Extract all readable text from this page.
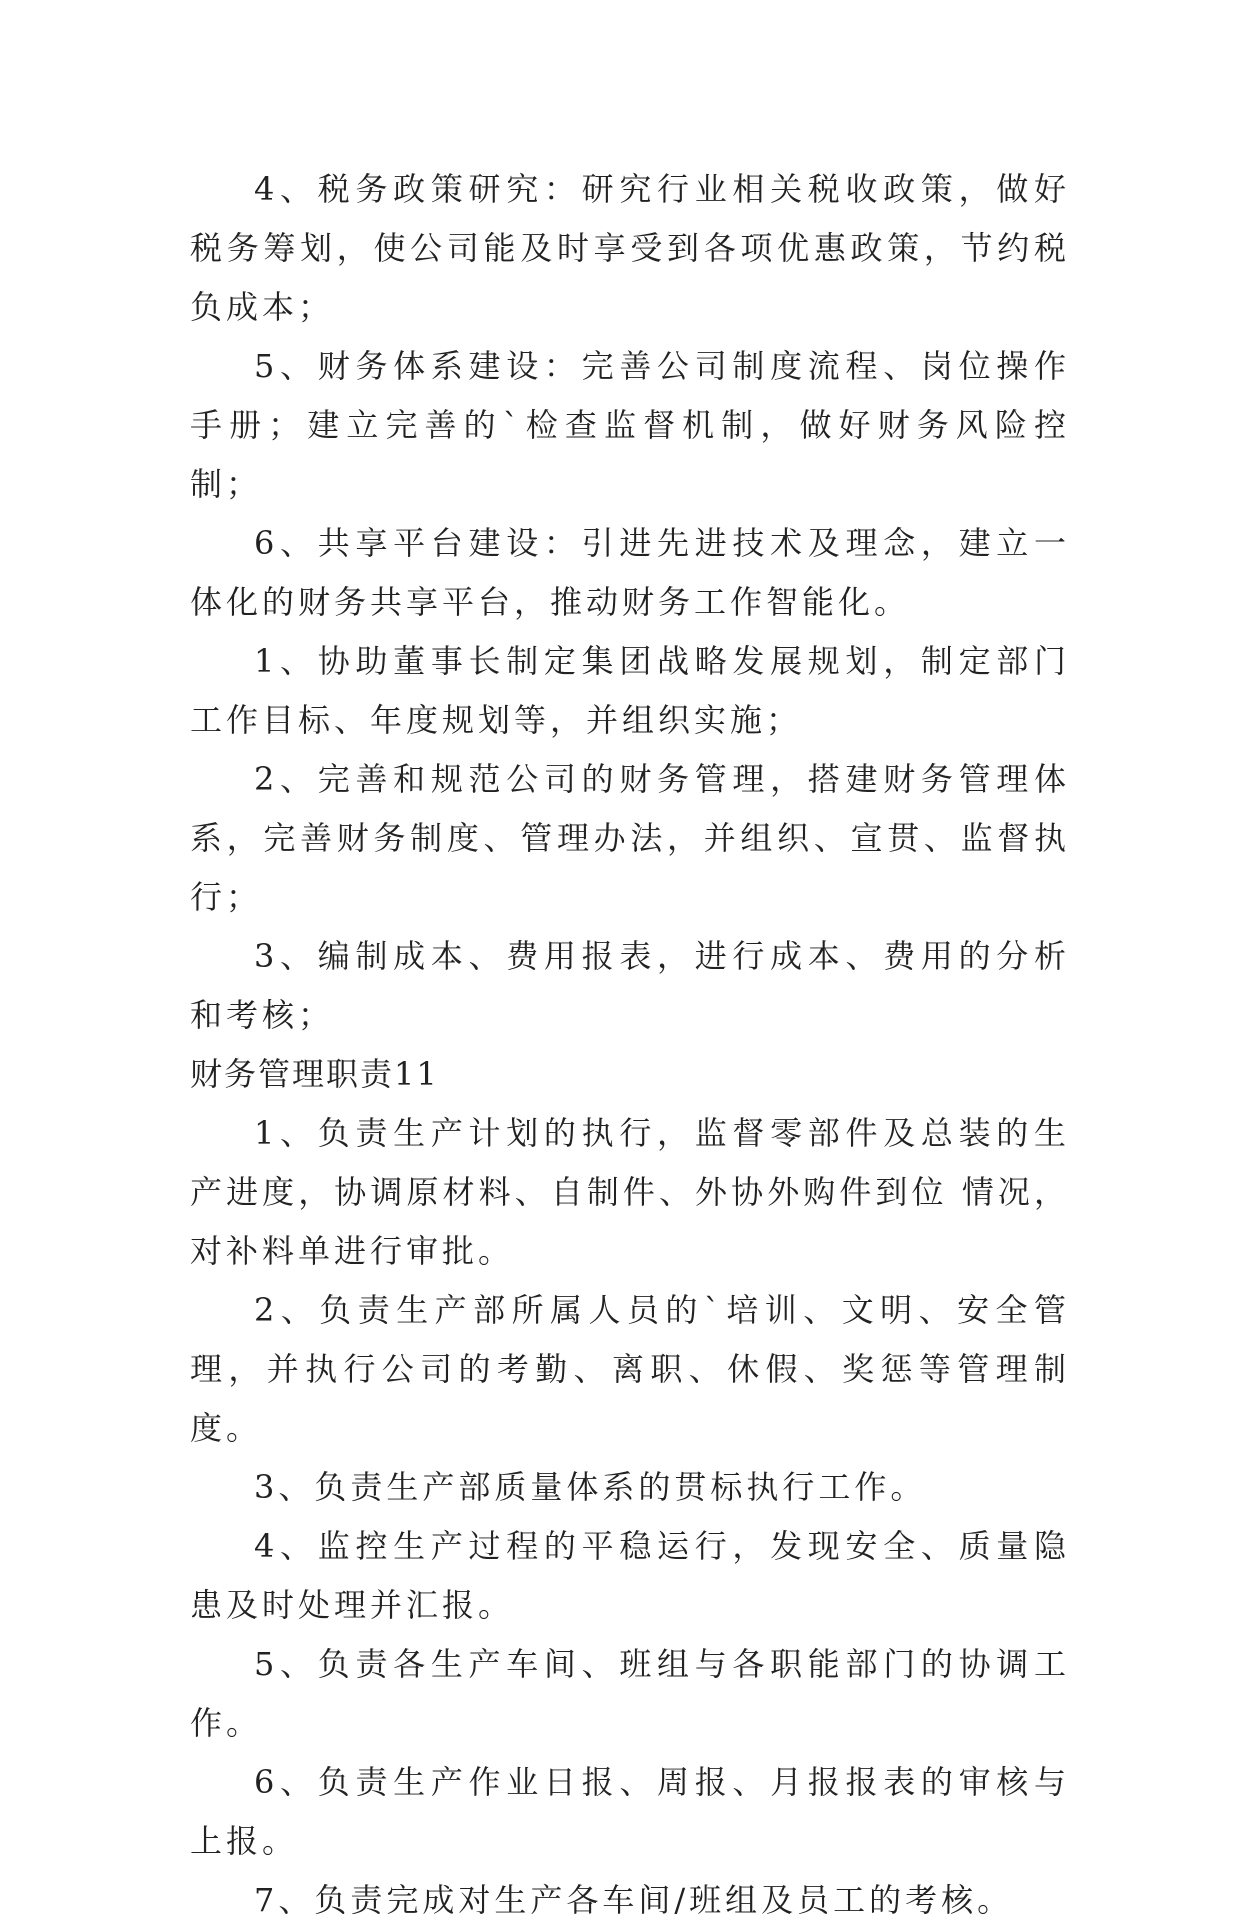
4、税务政策研究：研究行业相关税收政策，做好税务筹划，使公司能及时享受到各项优惠政策，节约税负成本；

5、财务体系建设：完善公司制度流程、岗位操作手册；建立完善的`检查监督机制，做好财务风险控制；

6、共享平台建设：引进先进技术及理念，建立一体化的财务共享平台，推动财务工作智能化。

1、协助董事长制定集团战略发展规划，制定部门工作目标、年度规划等，并组织实施；

2、完善和规范公司的财务管理，搭建财务管理体系，完善财务制度、管理办法，并组织、宣贯、监督执行；

3、编制成本、费用报表，进行成本、费用的分析和考核；

财务管理职责11

1、负责生产计划的执行，监督零部件及总装的生产进度，协调原材料、自制件、外协外购件到位 情况，对补料单进行审批。

2、负责生产部所属人员的`培训、文明、安全管理，并执行公司的考勤、离职、休假、奖惩等管理制度。

3、负责生产部质量体系的贯标执行工作。

4、监控生产过程的平稳运行，发现安全、质量隐患及时处理并汇报。

5、负责各生产车间、班组与各职能部门的协调工作。

6、负责生产作业日报、周报、月报报表的审核与上报。

7、负责完成对生产各车间/班组及员工的考核。
